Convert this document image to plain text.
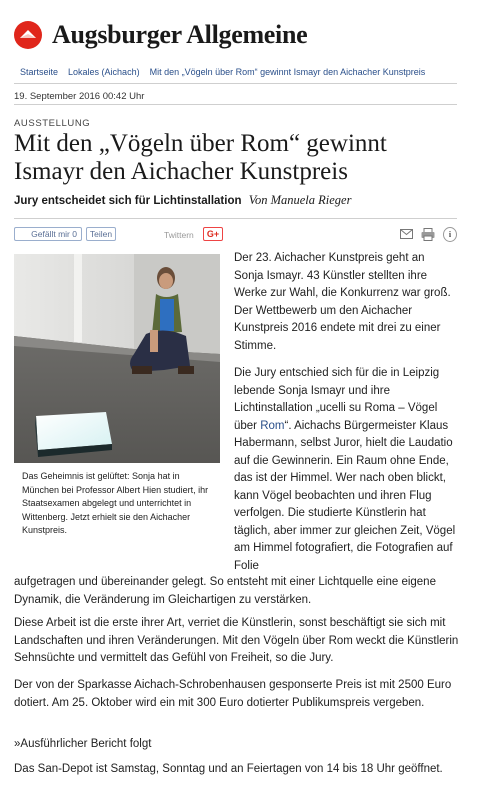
Augsburger Allgemeine
Startseite Lokales (Aichach) Mit den „Vögeln über Rom“ gewinnt Ismayr den Aichacher Kunstpreis
19. September 2016 00:42 Uhr
AUSSTELLUNG
Mit den „Vögeln über Rom“ gewinnt Ismayr den Aichacher Kunstpreis
Jury entscheidet sich für Lichtinstallation Von Manuela Rieger
Gefällt mir
0	Teilen	Twittern	G+	i
Das Geheimnis ist gelüftet: Sonja hat in München bei Professor Albert Hien studiert, ihr Staatsexamen abgelegt und unterrichtet in Wittenberg. Jetzt erhielt sie den Aichacher Kunstpreis.

Der 23. Aichacher Kunstpreis geht an Sonja Ismayr. 43 Künstler stellten ihre Werke zur Wahl, die Konkurrenz war groß. Der Wettbewerb um den Aichacher Kunstpreis 2016 endete mit drei zu einer Stimme.

Die Jury entschied sich für die in Leipzig lebende Sonja Ismayr und ihre Lichtinstallation „ucelli su Roma – Vögel über Rom“. Aichachs Bürgermeister Klaus Habermann, selbst Juror, hielt die Laudatio auf die Gewinnerin. Ein Raum ohne Ende, das ist der Himmel. Wer nach oben blickt, kann Vögel beobachten und ihren Flug verfolgen. Die studierte Künstlerin hat täglich, aber immer zur gleichen Zeit, Vögel am Himmel fotografiert, die Fotografien auf Folie

aufgetragen und übereinander gelegt. So entsteht mit einer Lichtquelle eine eigene Dynamik, die Veränderung im Gleichartigen zu verstärken.

Diese Arbeit ist die erste ihrer Art, verriet die Künstlerin, sonst beschäftigt sie sich mit Landschaften und ihren Veränderungen. Mit den Vögeln über Rom weckt die Künstlerin Sehnsüchte und vermittelt das Gefühl von Freiheit, so die Jury.

Der von der Sparkasse Aichach-Schrobenhausen gesponserte Preis ist mit 2500 Euro dotiert. Am 25. Oktober wird ein mit 300 Euro dotierter Publikumspreis vergeben.

»Ausführlicher Bericht folgt

Das San-Depot ist Samstag, Sonntag und an Feiertagen von 14 bis 18 Uhr geöffnet.
